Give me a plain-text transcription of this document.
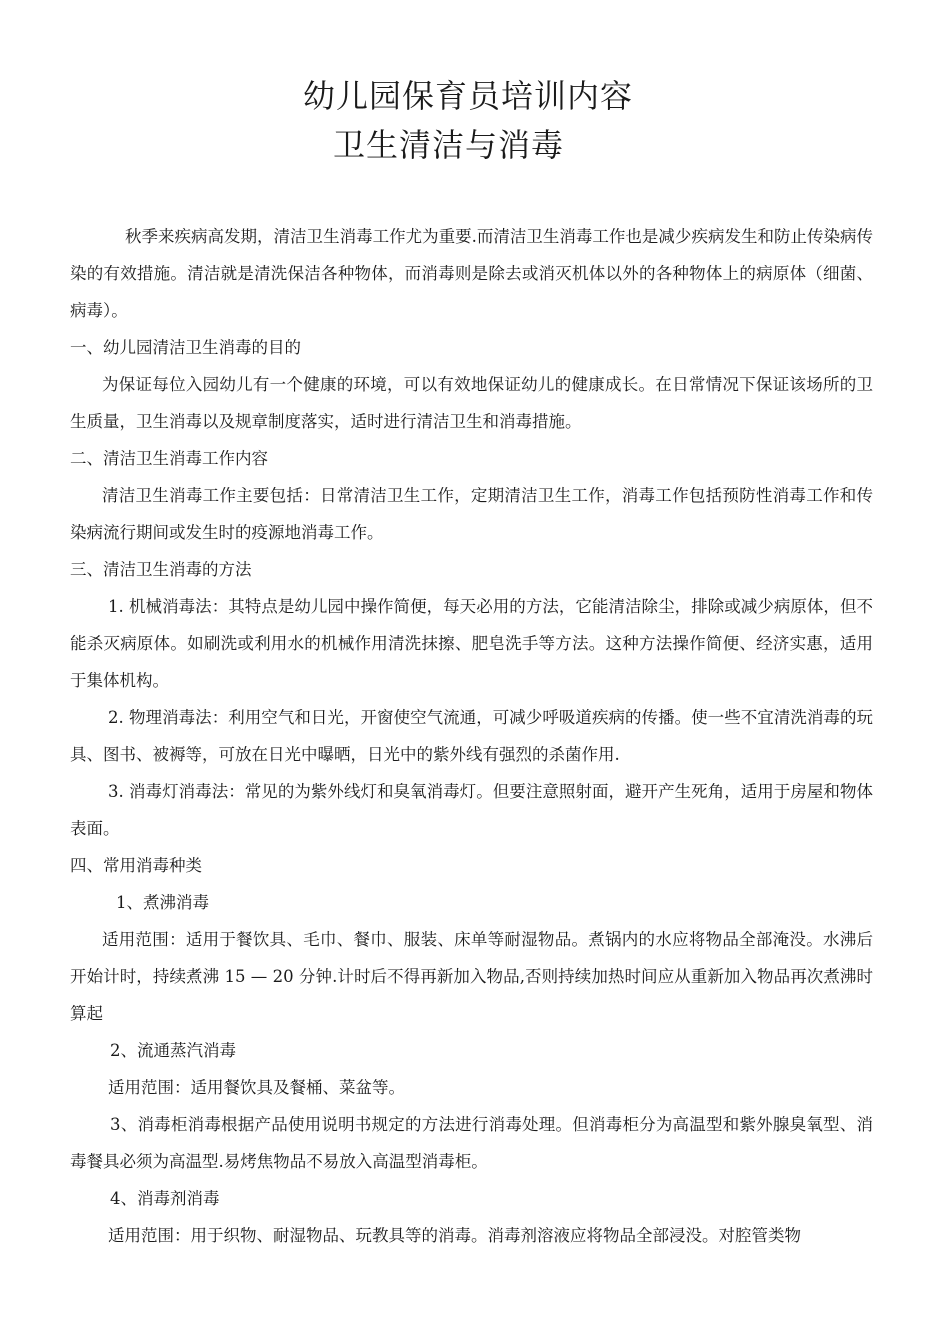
幼儿园保育员培训内容
卫生清洁与消毒

秋季来疾病高发期，清洁卫生消毒工作尤为重要.而清洁卫生消毒工作也是减少疾病发生和防止传染病传染的有效措施。清洁就是清洗保洁各种物体，而消毒则是除去或消灭机体以外的各种物体上的病原体（细菌、病毒）。

一、幼儿园清洁卫生消毒的目的

为保证每位入园幼儿有一个健康的环境，可以有效地保证幼儿的健康成长。在日常情况下保证该场所的卫生质量，卫生消毒以及规章制度落实，适时进行清洁卫生和消毒措施。

二、清洁卫生消毒工作内容

清洁卫生消毒工作主要包括：日常清洁卫生工作，定期清洁卫生工作，消毒工作包括预防性消毒工作和传染病流行期间或发生时的疫源地消毒工作。

三、清洁卫生消毒的方法

1. 机械消毒法：其特点是幼儿园中操作简便，每天必用的方法，它能清洁除尘，排除或减少病原体，但不能杀灭病原体。如刷洗或利用水的机械作用清洗抹擦、肥皂洗手等方法。这种方法操作简便、经济实惠，适用于集体机构。

2. 物理消毒法：利用空气和日光，开窗使空气流通，可减少呼吸道疾病的传播。使一些不宜清洗消毒的玩具、图书、被褥等，可放在日光中曝晒，日光中的紫外线有强烈的杀菌作用.

3. 消毒灯消毒法：常见的为紫外线灯和臭氧消毒灯。但要注意照射面，避开产生死角，适用于房屋和物体表面。

四、常用消毒种类

1、煮沸消毒

适用范围：适用于餐饮具、毛巾、餐巾、服装、床单等耐湿物品。煮锅内的水应将物品全部淹没。水沸后开始计时，持续煮沸 15 — 20 分钟.计时后不得再新加入物品,否则持续加热时间应从重新加入物品再次煮沸时算起

2、流通蒸汽消毒

适用范围：适用餐饮具及餐桶、菜盆等。

3、消毒柜消毒根据产品使用说明书规定的方法进行消毒处理。但消毒柜分为高温型和紫外腺臭氧型、消毒餐具必须为高温型.易烤焦物品不易放入高温型消毒柜。

4、消毒剂消毒

适用范围：用于织物、耐湿物品、玩教具等的消毒。消毒剂溶液应将物品全部浸没。对腔管类物
